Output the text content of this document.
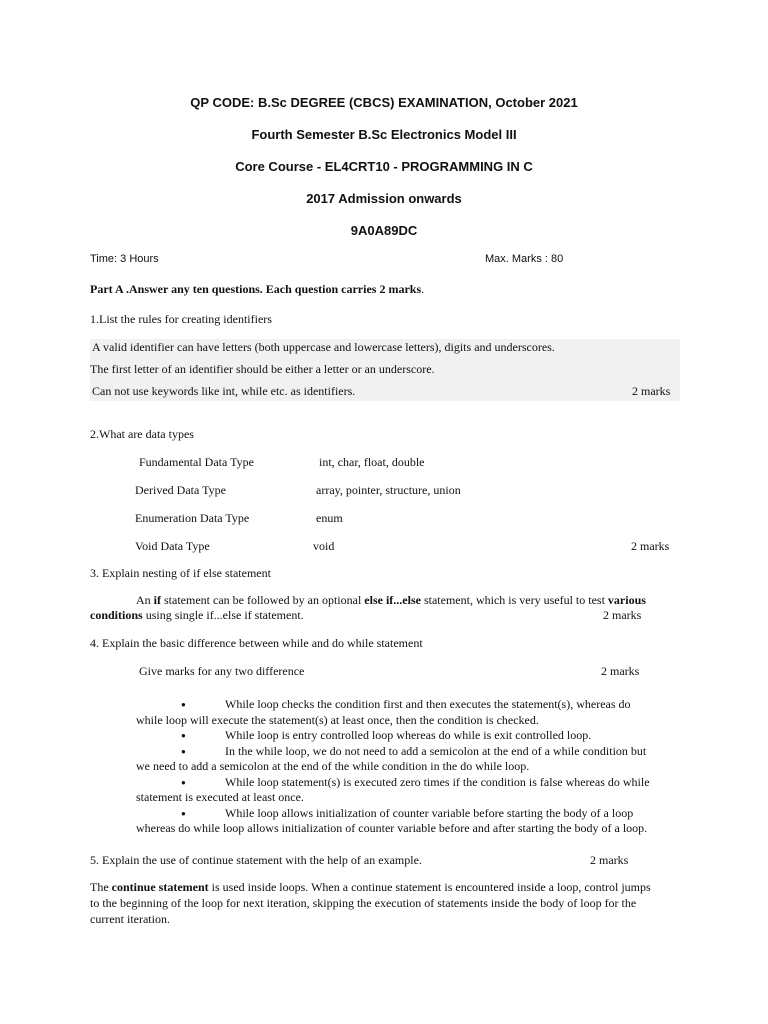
QP CODE: B.Sc DEGREE (CBCS) EXAMINATION, October 2021
Fourth Semester B.Sc Electronics Model III
Core Course - EL4CRT10 - PROGRAMMING IN C
2017 Admission onwards
9A0A89DC
Time: 3 Hours	Max. Marks : 80
Part A .Answer any ten questions. Each question carries 2 marks.
1.List the rules for creating identifiers
A valid identifier can have letters (both uppercase and lowercase letters), digits and underscores.
The first letter of an identifier should be either a letter or an underscore.
Can not use keywords like int, while etc. as identifiers.	2 marks
2.What are data types
Fundamental Data Type	int, char, float, double
Derived Data Type	array, pointer, structure, union
Enumeration Data Type	enum
Void Data Type	void	2 marks
3. Explain nesting of if else statement
An if statement can be followed by an optional else if...else statement, which is very useful to test various
conditions using single if...else if statement.	2 marks
4. Explain the basic difference between while and do while statement
Give marks for any two difference	2 marks
●	While loop checks the condition first and then executes the statement(s), whereas do
while loop will execute the statement(s) at least once, then the condition is checked.
●	While loop is entry controlled loop whereas do while is exit controlled loop.
●	In the while loop, we do not need to add a semicolon at the end of a while condition but
we need to add a semicolon at the end of the while condition in the do while loop.
●	While loop statement(s) is executed zero times if the condition is false whereas do while
statement is executed at least once.
●	While loop allows initialization of counter variable before starting the body of a loop
whereas do while loop allows initialization of counter variable before and after starting the body of a loop.
5. Explain the use of continue statement with the help of an example.	2 marks
The continue statement is used inside loops. When a continue statement is encountered inside a loop, control jumps
to the beginning of the loop for next iteration, skipping the execution of statements inside the body of loop for the
current iteration.
